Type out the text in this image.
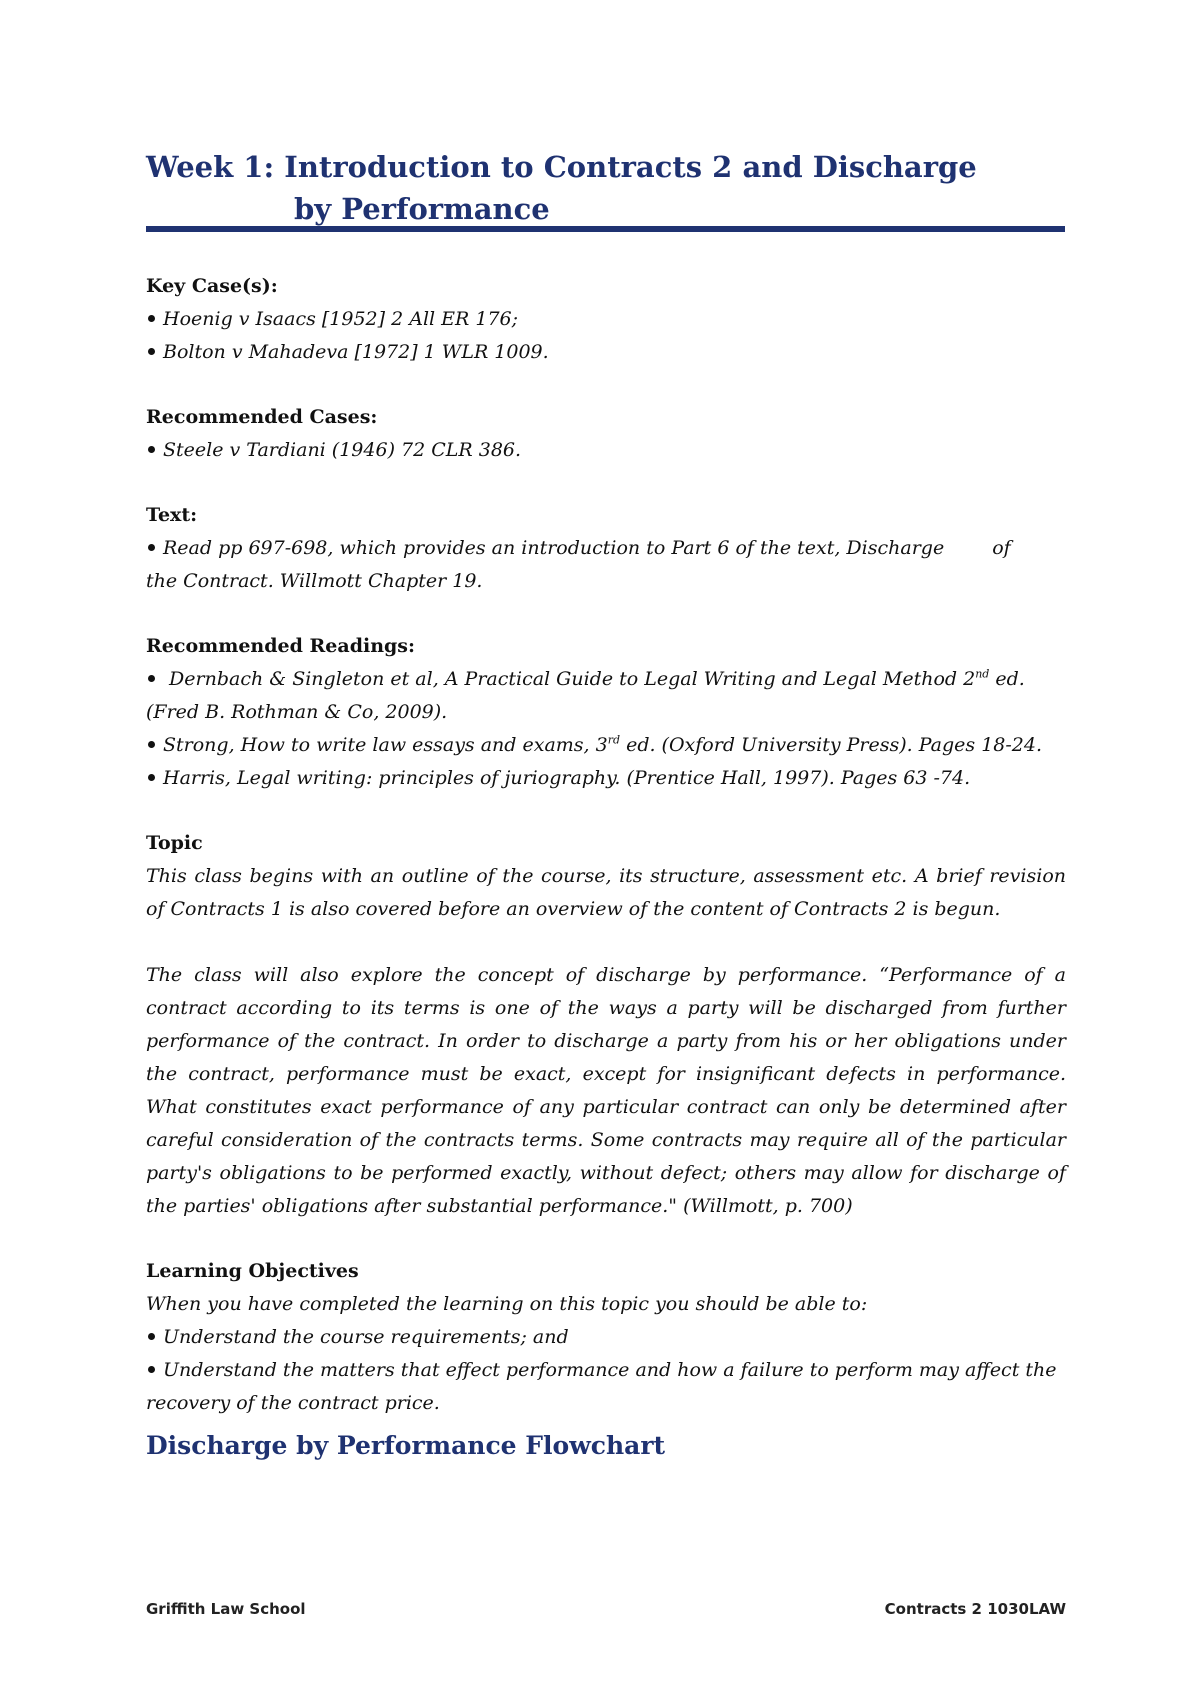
Week 1: Introduction to Contracts 2 and Discharge
by Performance

Key Case(s):

Hoenig v Isaacs [1952] 2 All ER 176;

Bolton v Mahadeva [1972] 1 WLR 1009.

Recommended Cases:

Steele v Tardiani (1946) 72 CLR 386.

Text:

Read pp 697-698, which provides an introduction to Part 6 of the text, Discharge	of
the Contract. Willmott Chapter 19.

Recommended Readings:

Dernbach & Singleton et al, A Practical Guide to Legal Writing and Legal Method 2nd ed. (Fred B. Rothman & Co, 2009).

Strong, How to write law essays and exams, 3rd ed. (Oxford University Press). Pages 18-24.

Harris, Legal writing: principles of juriography. (Prentice Hall, 1997). Pages 63 -74.

Topic

This class begins with an outline of the course, its structure, assessment etc. A brief revision of Contracts 1 is also covered before an overview of the content of Contracts 2 is begun.

The class will also explore the concept of discharge by performance. “Performance of a contract according to its terms is one of the ways a party will be discharged from further performance of the contract. In order to discharge a party from his or her obligations under the contract, performance must be exact, except for insignificant defects in performance. What constitutes exact performance of any particular contract can only be determined after careful consideration of the contracts terms. Some contracts may require all of the particular party's obligations to be performed exactly, without defect; others may allow for discharge of the parties' obligations after substantial performance." (Willmott, p. 700)

Learning Objectives

When you have completed the learning on this topic you should be able to:

Understand the course requirements; and

Understand the matters that effect performance and how a failure to perform may affect the recovery of the contract price.

Discharge by Performance Flowchart

Griffith Law School	Contracts 2 1030LAW
